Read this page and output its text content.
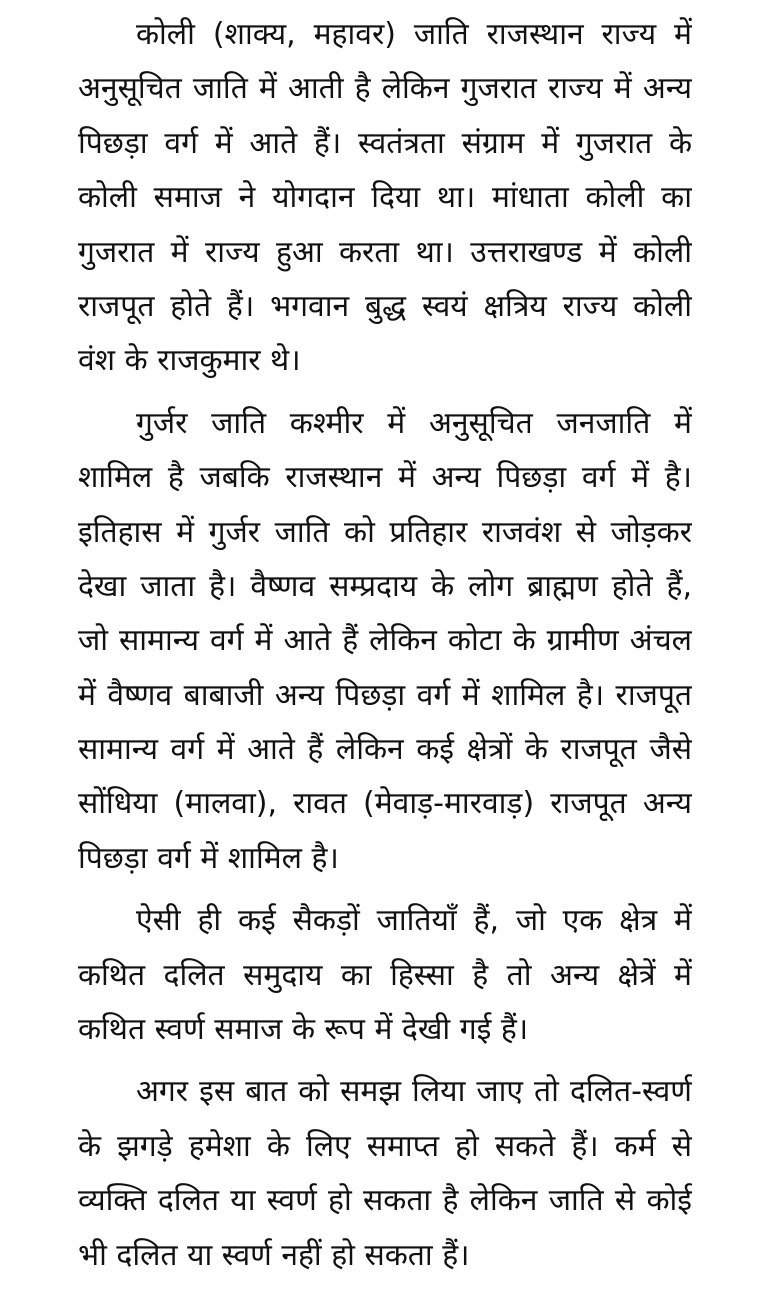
कोली (शाक्य, महावर) जाति राजस्थान राज्य में
अनुसूचित जाति में आती है लेकिन गुजरात राज्य में अन्य
पिछड़ा वर्ग में आते हैं। स्वतंत्रता संग्राम में गुजरात के
कोली समाज ने योगदान दिया था। मांधाता कोली का
गुजरात में राज्य हुआ करता था। उत्तराखण्ड में कोली
राजपूत होते हैं। भगवान बुद्ध स्वयं क्षत्रिय राज्य कोली
वंश के राजकुमार थे।
गुर्जर जाति कश्मीर में अनुसूचित जनजाति में
शामिल है जबकि राजस्थान में अन्य पिछड़ा वर्ग में है।
इतिहास में गुर्जर जाति को प्रतिहार राजवंश से जोड़कर
देखा जाता है। वैष्णव सम्प्रदाय के लोग ब्राह्मण होते हैं,
जो सामान्य वर्ग में आते हैं लेकिन कोटा के ग्रामीण अंचल
में वैष्णव बाबाजी अन्य पिछड़ा वर्ग में शामिल है। राजपूत
सामान्य वर्ग में आते हैं लेकिन कई क्षेत्रों के राजपूत जैसे
सोंधिया (मालवा), रावत (मेवाड़-मारवाड़) राजपूत अन्य
पिछड़ा वर्ग में शामिल है।
ऐसी ही कई सैकड़ों जातियाँ हैं, जो एक क्षेत्र में
कथित दलित समुदाय का हिस्सा है तो अन्य क्षेत्रें में
कथित स्वर्ण समाज के रूप में देखी गई हैं।
अगर इस बात को समझ लिया जाए तो दलित-स्वर्ण
के झगड़े हमेशा के लिए समाप्त हो सकते हैं। कर्म से
व्यक्ति दलित या स्वर्ण हो सकता है लेकिन जाति से कोई
भी दलित या स्वर्ण नहीं हो सकता हैं।
